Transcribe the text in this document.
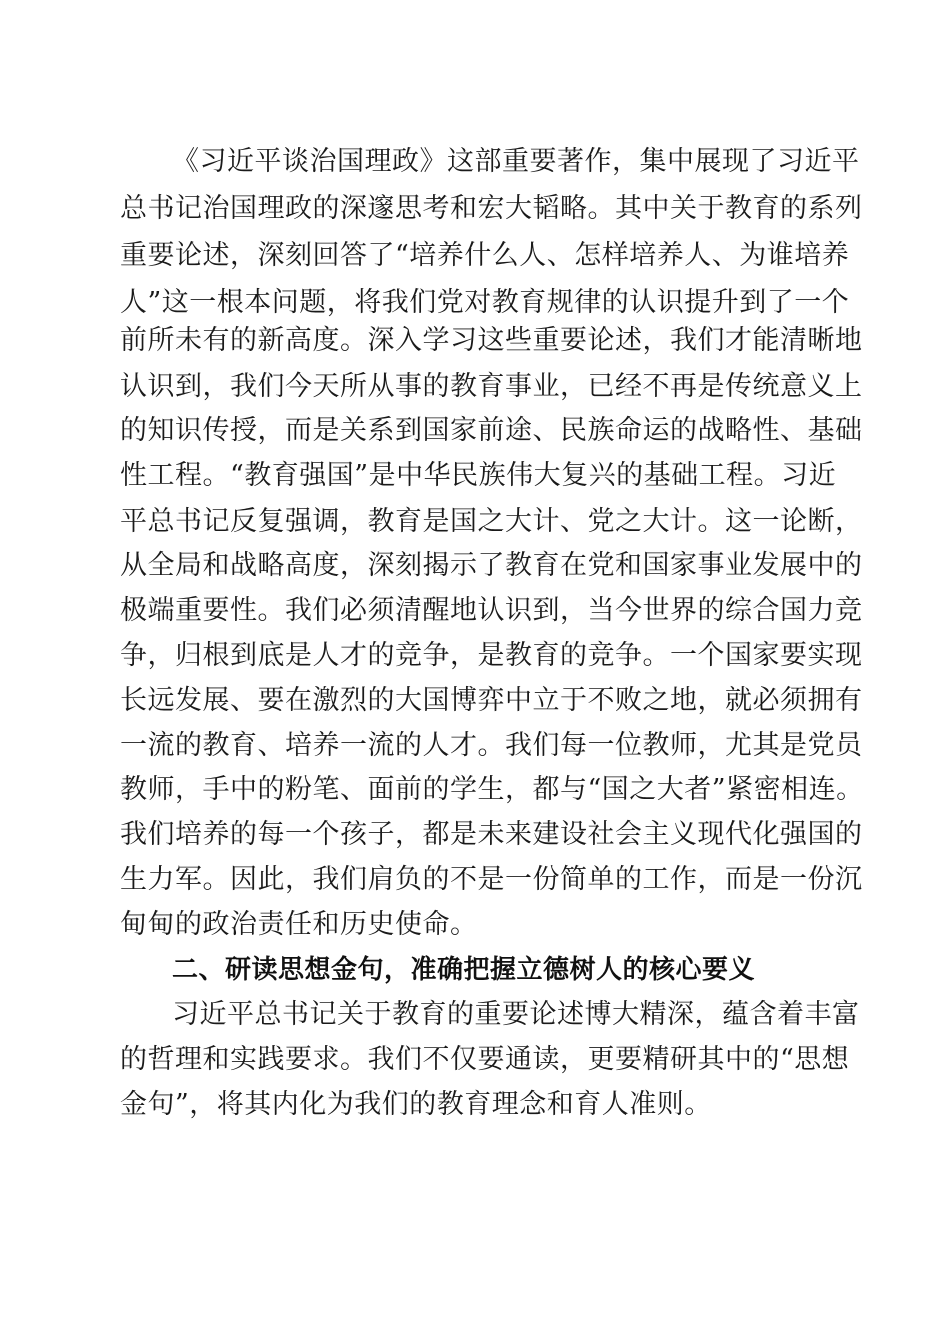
《习近平谈治国理政》这部重要著作，集中展现了习近平
总书记治国理政的深邃思考和宏大韬略。其中关于教育的系列
重要论述，深刻回答了“培养什么人、怎样培养人、为谁培养
人”这一根本问题，将我们党对教育规律的认识提升到了一个
前所未有的新高度。深入学习这些重要论述，我们才能清晰地
认识到，我们今天所从事的教育事业，已经不再是传统意义上
的知识传授，而是关系到国家前途、民族命运的战略性、基础
性工程。“教育强国”是中华民族伟大复兴的基础工程。习近
平总书记反复强调，教育是国之大计、党之大计。这一论断，
从全局和战略高度，深刻揭示了教育在党和国家事业发展中的
极端重要性。我们必须清醒地认识到，当今世界的综合国力竞
争，归根到底是人才的竞争，是教育的竞争。一个国家要实现
长远发展、要在激烈的大国博弈中立于不败之地，就必须拥有
一流的教育、培养一流的人才。我们每一位教师，尤其是党员
教师，手中的粉笔、面前的学生，都与“国之大者”紧密相连。
我们培养的每一个孩子，都是未来建设社会主义现代化强国的
生力军。因此，我们肩负的不是一份简单的工作，而是一份沉
甸甸的政治责任和历史使命。
二、研读思想金句，准确把握立德树人的核心要义
习近平总书记关于教育的重要论述博大精深，蕴含着丰富
的哲理和实践要求。我们不仅要通读，更要精研其中的“思想
金句”，将其内化为我们的教育理念和育人准则。
